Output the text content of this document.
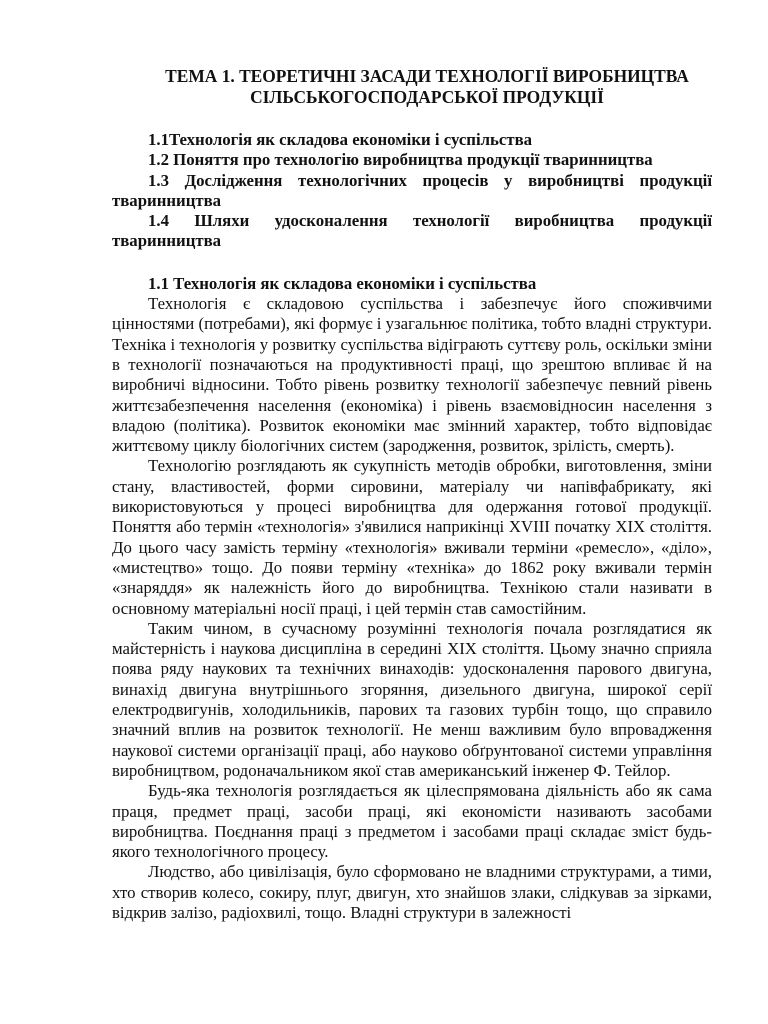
ТЕМА 1. ТЕОРЕТИЧНІ ЗАСАДИ ТЕХНОЛОГІЇ ВИРОБНИЦТВА
СІЛЬСЬКОГОСПОДАРСЬКОЇ ПРОДУКЦІЇ

1.1Технологія як складова економіки і суспільства

1.2 Поняття про технологію виробництва продукції тваринництва

1.3 Дослідження технологічних процесів у виробництві продукції тваринництва

1.4 Шляхи удосконалення технології виробництва продукції тваринництва

1.1 Технологія як складова економіки і суспільства

Технологія є складовою суспільства і забезпечує його споживчими цінностями (потребами), які формує і узагальнює політика, тобто владні структури. Техніка і технологія у розвитку суспільства відіграють суттєву роль, оскільки зміни в технології позначаються на продуктивності праці, що зрештою впливає й на виробничі відносини. Тобто рівень розвитку технології забезпечує певний рівень життєзабезпечення населення (економіка) і рівень взаємовідносин населення з владою (політика). Розвиток економіки має змінний характер, тобто відповідає життєвому циклу біологічних систем (зародження, розвиток, зрілість, смерть).

Технологію розглядають як сукупність методів обробки, виготовлення, зміни стану, властивостей, форми сировини, матеріалу чи напівфабрикату, які використовуються у процесі виробництва для одержання готової продукції. Поняття або термін «технологія» з'явилися наприкінці XVIII початку XIX століття. До цього часу замість терміну «технологія» вживали терміни «ремесло», «діло», «мистецтво» тощо. До появи терміну «техніка» до 1862 року вживали термін «знаряддя» як належність його до виробництва. Технікою стали називати в основному матеріальні носії праці, і цей термін став самостійним.

Таким чином, в сучасному розумінні технологія почала розглядатися як майстерність і наукова дисципліна в середині XIX століття. Цьому значно сприяла поява ряду наукових та технічних винаходів: удосконалення парового двигуна, винахід двигуна внутрішнього згоряння, дизельного двигуна, широкої серії електродвигунів, холодильників, парових та газових турбін тощо, що справило значний вплив на розвиток технології. Не менш важливим було впровадження наукової системи організації праці, або науково обґрунтованої системи управління виробництвом, родоначальником якої став американський інженер Ф. Тейлор.

Будь-яка технологія розглядається як цілеспрямована діяльність або як сама праця, предмет праці, засоби праці, які економісти називають засобами виробництва. Поєднання праці з предметом і засобами праці складає зміст будь-якого технологічного процесу.

Людство, або цивілізація, було сформовано не владними структурами, а тими, хто створив колесо, сокиру, плуг, двигун, хто знайшов злаки, слідкував за зірками, відкрив залізо, радіохвилі, тощо. Владні структури в залежності
